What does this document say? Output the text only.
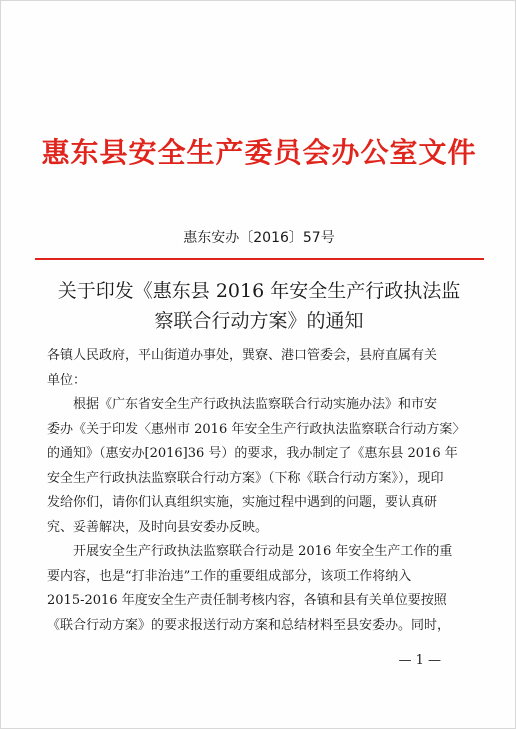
惠东县安全生产委员会办公室文件
惠东安办〔2016〕57号
关于印发《惠东县 2016 年安全生产行政执法监
察联合行动方案》的通知

各镇人民政府，平山街道办事处，巽寮、港口管委会，县府直属有关
单位：

根据《广东省安全生产行政执法监察联合行动实施办法》和市安
委办《关于印发〈惠州市 2016 年安全生产行政执法监察联合行动方案〉
的通知》（惠安办[2016]36 号）的要求，我办制定了《惠东县 2016 年
安全生产行政执法监察联合行动方案》（下称《联合行动方案》），现印
发给你们，请你们认真组织实施，实施过程中遇到的问题，要认真研
究、妥善解决，及时向县安委办反映。

开展安全生产行政执法监察联合行动是 2016 年安全生产工作的重
要内容，也是“打非治违”工作的重要组成部分，该项工作将纳入
2015-2016 年度安全生产责任制考核内容，各镇和县有关单位要按照
《联合行动方案》的要求报送行动方案和总结材料至县安委办。同时，

— 1 —
